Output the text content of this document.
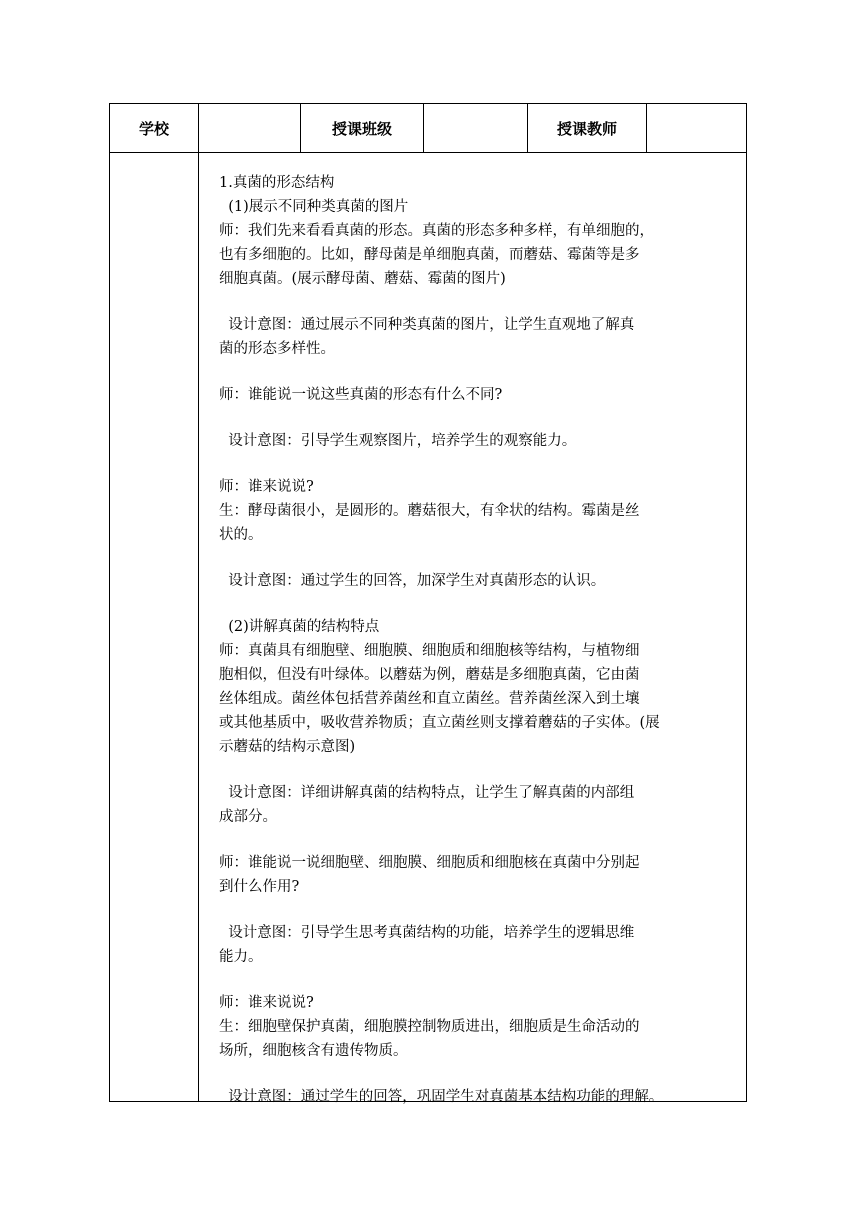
学校	授课班级	授课教师

1.真菌的形态结构

(1)展示不同种类真菌的图片

师：我们先来看看真菌的形态。真菌的形态多种多样，有单细胞的，

也有多细胞的。比如，酵母菌是单细胞真菌，而蘑菇、霉菌等是多

细胞真菌。(展示酵母菌、蘑菇、霉菌的图片)

设计意图：通过展示不同种类真菌的图片，让学生直观地了解真

菌的形态多样性。

师：谁能说一说这些真菌的形态有什么不同?

设计意图：引导学生观察图片，培养学生的观察能力。

师：谁来说说?

生：酵母菌很小，是圆形的。蘑菇很大，有伞状的结构。霉菌是丝

状的。

设计意图：通过学生的回答，加深学生对真菌形态的认识。

(2)讲解真菌的结构特点

师：真菌具有细胞壁、细胞膜、细胞质和细胞核等结构，与植物细

胞相似，但没有叶绿体。以蘑菇为例，蘑菇是多细胞真菌，它由菌

丝体组成。菌丝体包括营养菌丝和直立菌丝。营养菌丝深入到土壤

或其他基质中，吸收营养物质；直立菌丝则支撑着蘑菇的子实体。(展

示蘑菇的结构示意图)

设计意图：详细讲解真菌的结构特点，让学生了解真菌的内部组

成部分。

师：谁能说一说细胞壁、细胞膜、细胞质和细胞核在真菌中分别起

到什么作用?

设计意图：引导学生思考真菌结构的功能，培养学生的逻辑思维

能力。

师：谁来说说?

生：细胞壁保护真菌，细胞膜控制物质进出，细胞质是生命活动的

场所，细胞核含有遗传物质。

设计意图：通过学生的回答，巩固学生对真菌基本结构功能的理解。
